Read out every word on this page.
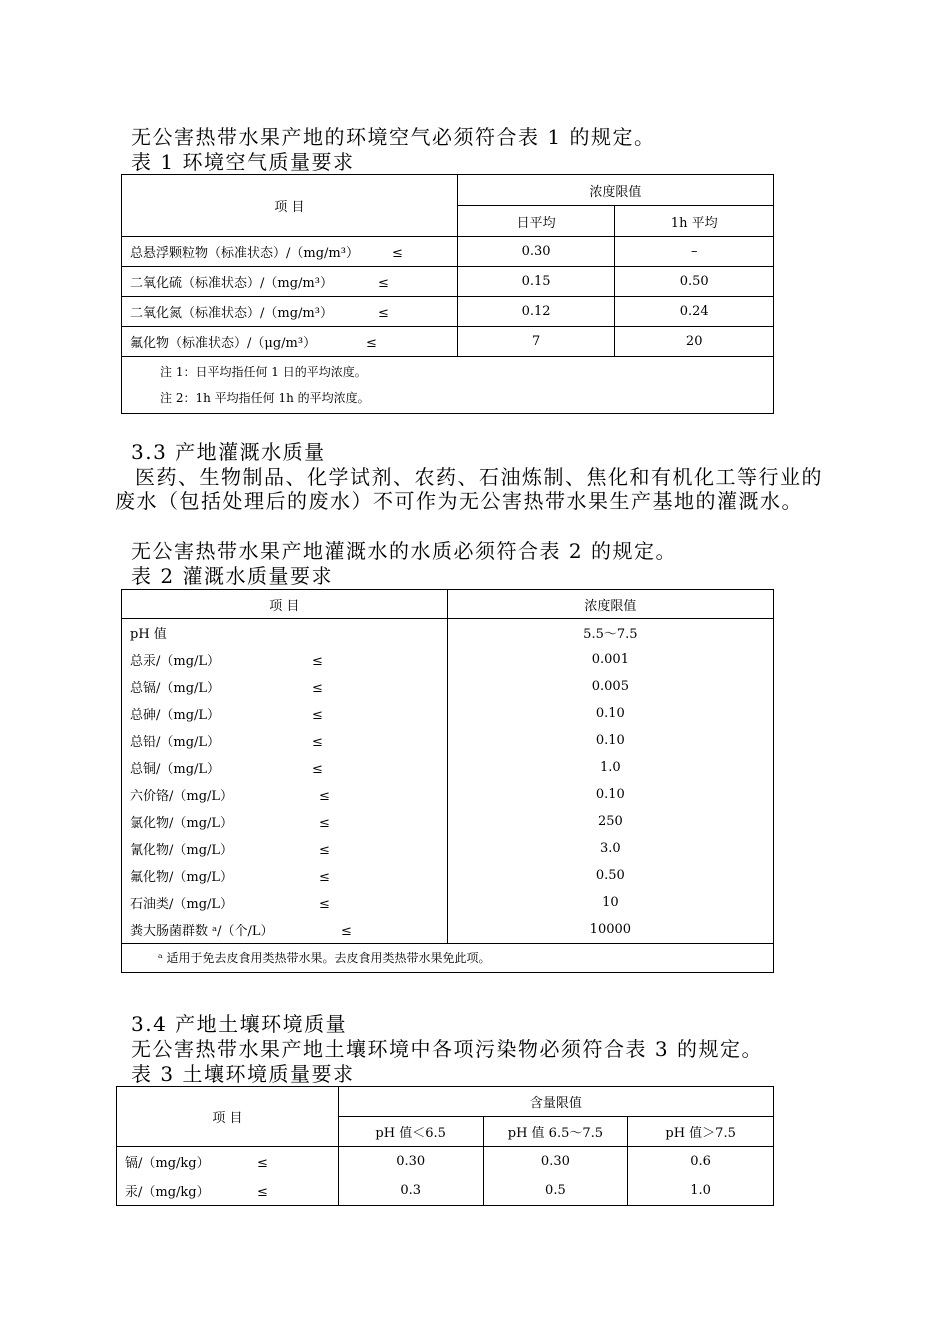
无公害热带水果产地的环境空气必须符合表 1 的规定。
表 1 环境空气质量要求
项 目	浓度限值	
	日平均	1h 平均
总悬浮颗粒物（标准状态）/（mg/m³） ≤	0.30	–
二氧化硫（标准状态）/（mg/m³） ≤	0.15	0.50
二氧化氮（标准状态）/（mg/m³） ≤	0.12	0.24
氟化物（标准状态）/（μg/m³） ≤	7	20

注 1：日平均指任何 1 日的平均浓度。
注 2：1h 平均指任何 1h 的平均浓度。		
3.3 产地灌溉水质量
医药、生物制品、化学试剂、农药、石油炼制、焦化和有机化工等行业的废水（包括处理后的废水）不可作为无公害热带水果生产基地的灌溉水。
无公害热带水果产地灌溉水的水质必须符合表 2 的规定。
表 2 灌溉水质量要求
项 目	浓度限值
pH 值	5.5～7.5
总汞/（mg/L） ≤	0.001
总镉/（mg/L） ≤	0.005
总砷/（mg/L） ≤	0.10
总铅/（mg/L） ≤	0.10
总铜/（mg/L） ≤	1.0
六价铬/（mg/L） ≤	0.10
氯化物/（mg/L） ≤	250
氰化物/（mg/L） ≤	3.0
氟化物/（mg/L） ≤	0.50
石油类/（mg/L） ≤	10
粪大肠菌群数 ᵃ/（个/L） ≤	10000
ᵃ 适用于免去皮食用类热带水果。去皮食用类热带水果免此项。	
3.4 产地土壤环境质量
无公害热带水果产地土壤环境中各项污染物必须符合表 3 的规定。
表 3 土壤环境质量要求
项 目	含量限值		
	pH 值＜6.5	pH 值 6.5～7.5	pH 值＞7.5
镉/（mg/kg） ≤	0.30	0.30	0.6
汞/（mg/kg） ≤	0.3	0.5	1.0
